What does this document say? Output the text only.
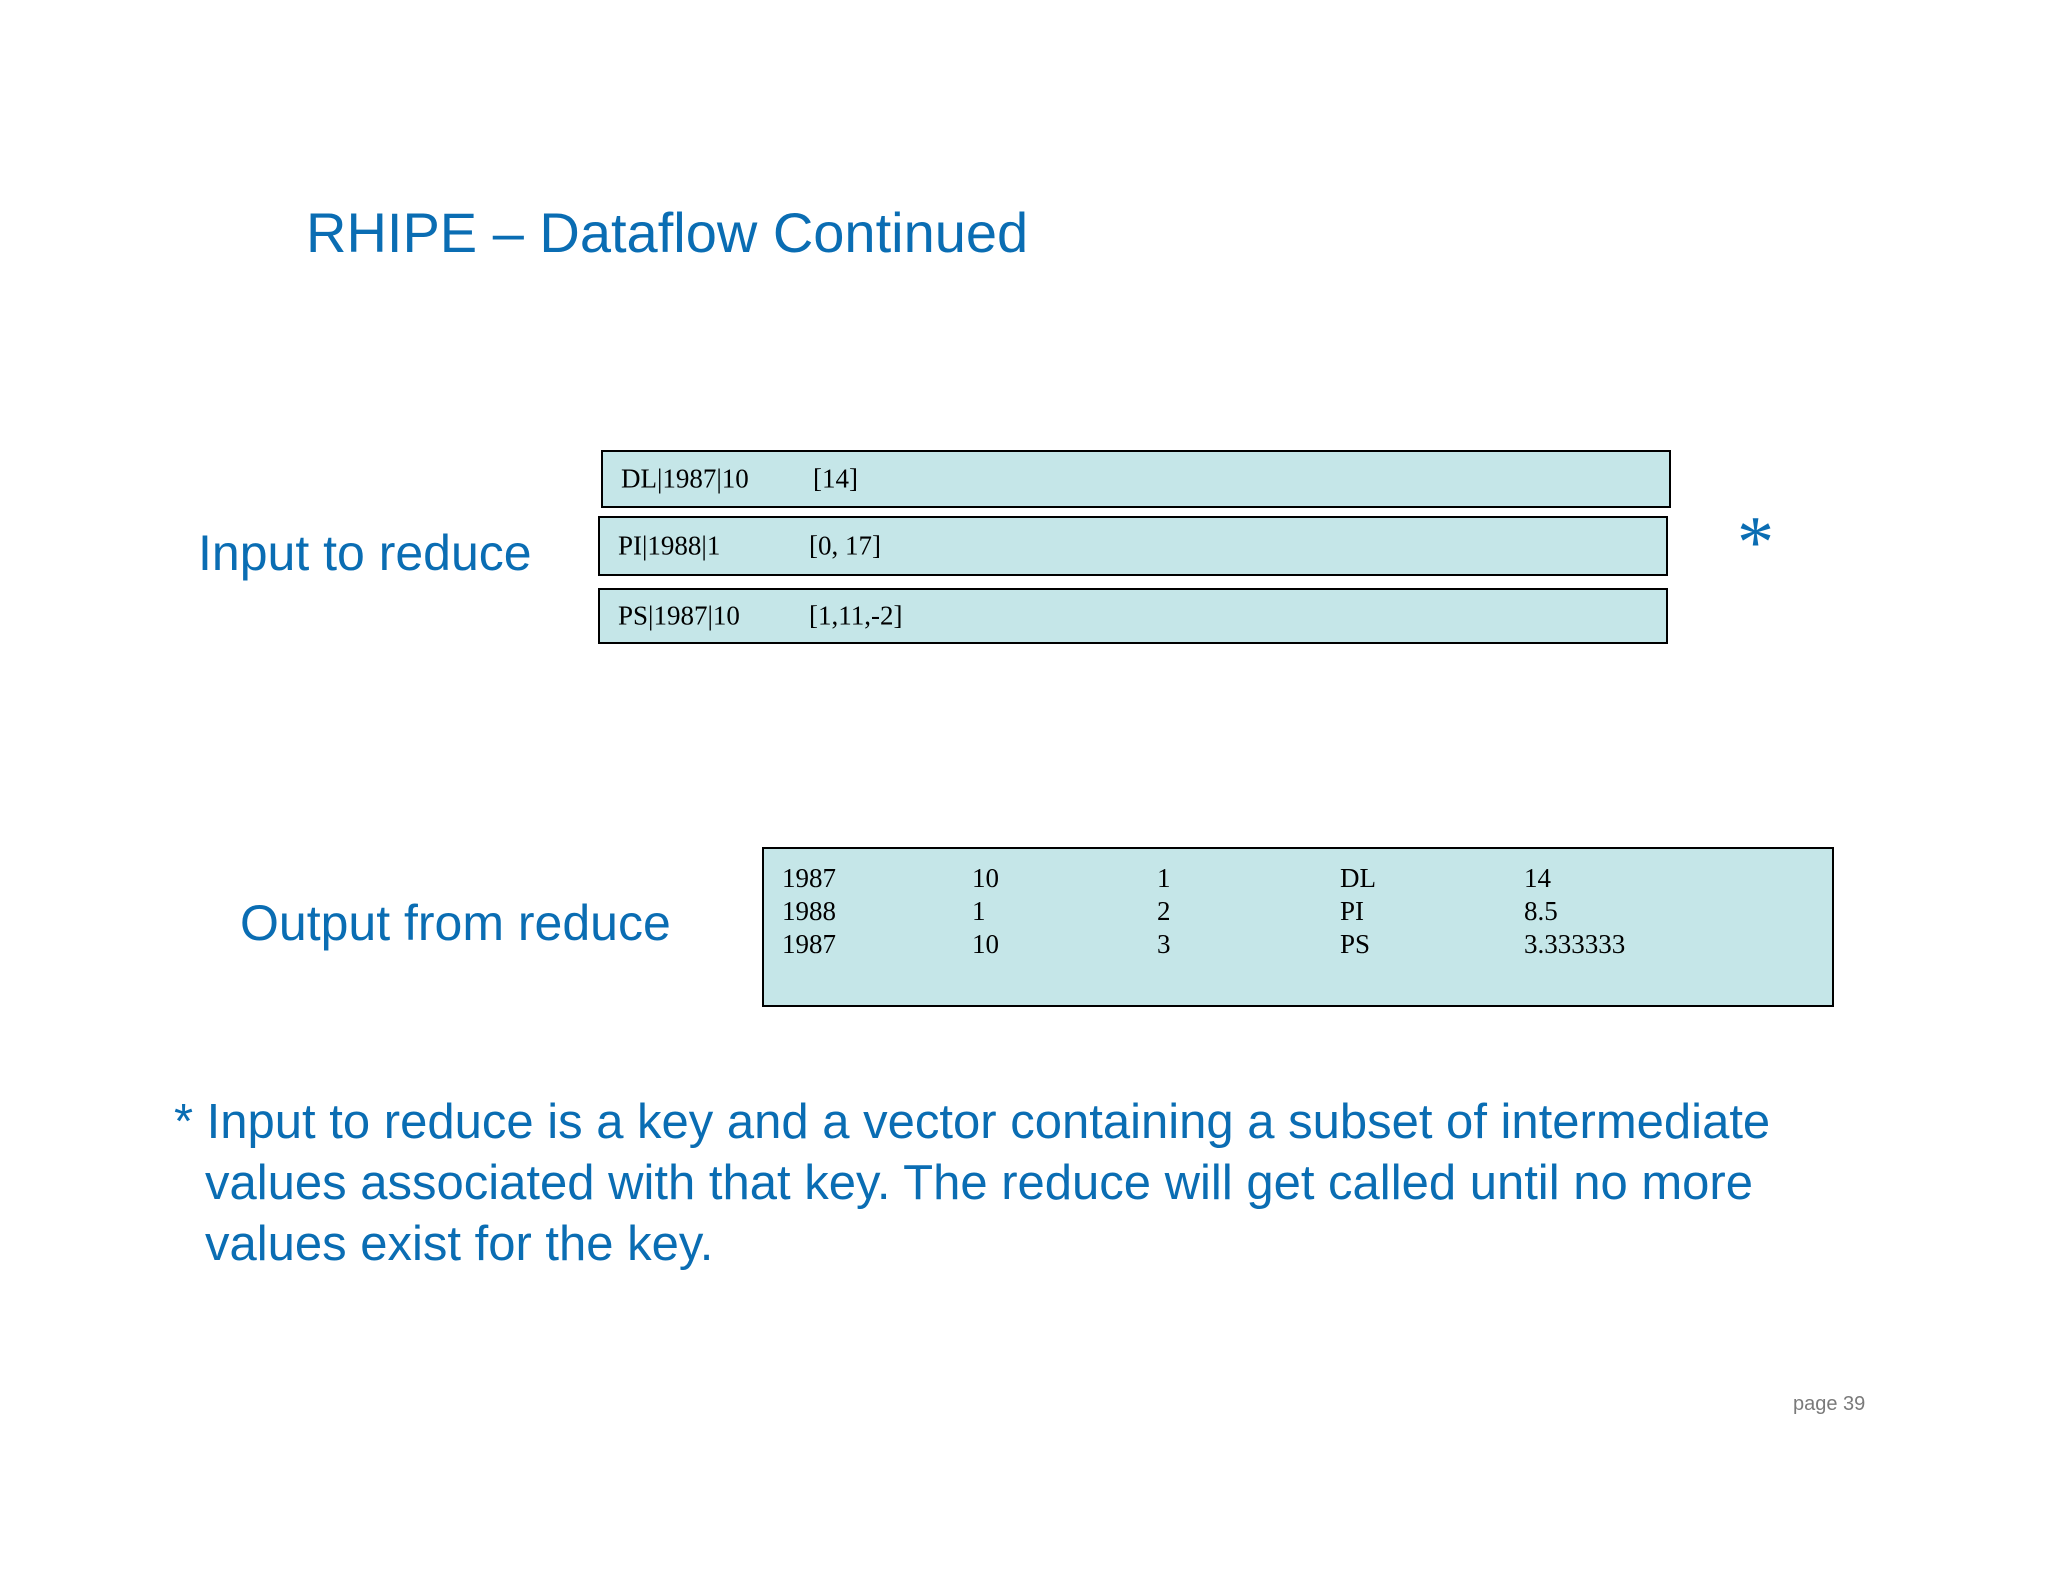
RHIPE – Dataflow Continued
Input to reduce
DL|1987|10 [14]
PI|1988|1	[0, 17]
PS|1987|10	[1,11,-2]
*
Output from reduce
1987	10	1	DL	14
1988	1	2	PI	8.5
1987	10	3	PS	3.333333
* Input to reduce is a key and a vector containing a subset of intermediate
values associated with that key. The reduce will get called until no more
values exist for the key.
page 39
